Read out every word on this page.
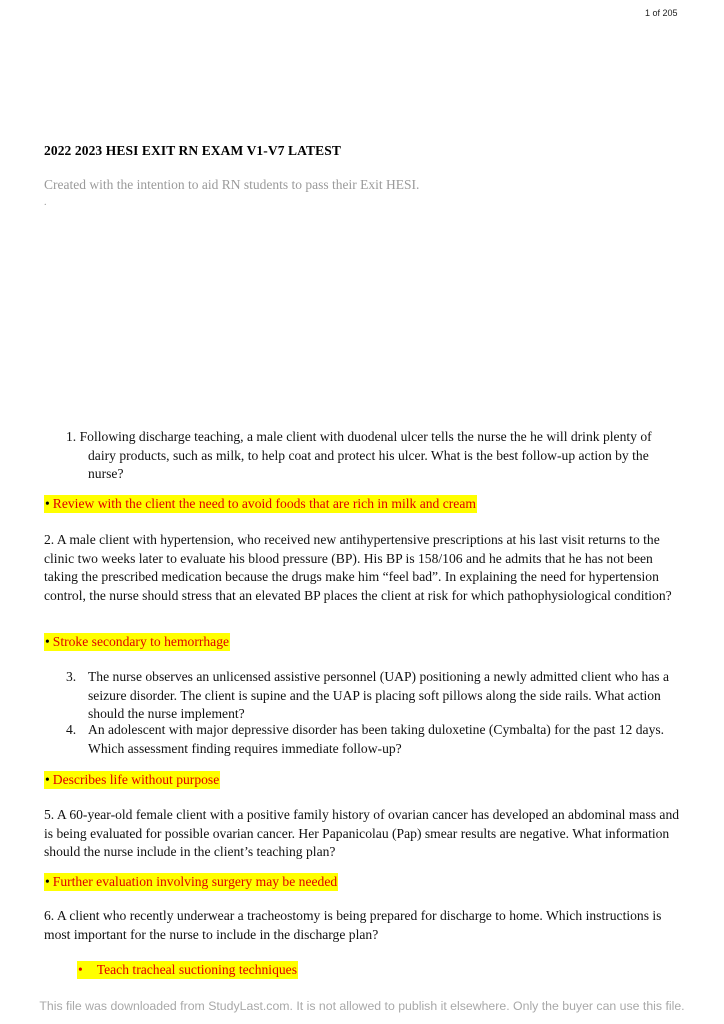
1 of 205
2022 2023 HESI EXIT RN EXAM V1-V7 LATEST
Created with the intention to aid RN students to pass their Exit HESI.
.
1. Following discharge teaching, a male client with duodenal ulcer tells the nurse the he will drink plenty of dairy products, such as milk, to help coat and protect his ulcer. What is the best follow-up action by the nurse?
• Review with the client the need to avoid foods that are rich in milk and cream
2. A male client with hypertension, who received new antihypertensive prescriptions at his last visit returns to the clinic two weeks later to evaluate his blood pressure (BP). His BP is 158/106 and he admits that he has not been taking the prescribed medication because the drugs make him “feel bad”. In explaining the need for hypertension control, the nurse should stress that an elevated BP places the client at risk for which pathophysiological condition?
• Stroke secondary to hemorrhage
3. The nurse observes an unlicensed assistive personnel (UAP) positioning a newly admitted client who has a seizure disorder. The client is supine and the UAP is placing soft pillows along the side rails. What action should the nurse implement?
4. An adolescent with major depressive disorder has been taking duloxetine (Cymbalta) for the past 12 days. Which assessment finding requires immediate follow-up?
• Describes life without purpose
5. A 60-year-old female client with a positive family history of ovarian cancer has developed an abdominal mass and is being evaluated for possible ovarian cancer. Her Papanicolau (Pap) smear results are negative. What information should the nurse include in the client’s teaching plan?
• Further evaluation involving surgery may be needed
6. A client who recently underwear a tracheostomy is being prepared for discharge to home. Which instructions is most important for the nurse to include in the discharge plan?
• Teach tracheal suctioning techniques
This file was downloaded from StudyLast.com. It is not allowed to publish it elsewhere. Only the buyer can use this file.
